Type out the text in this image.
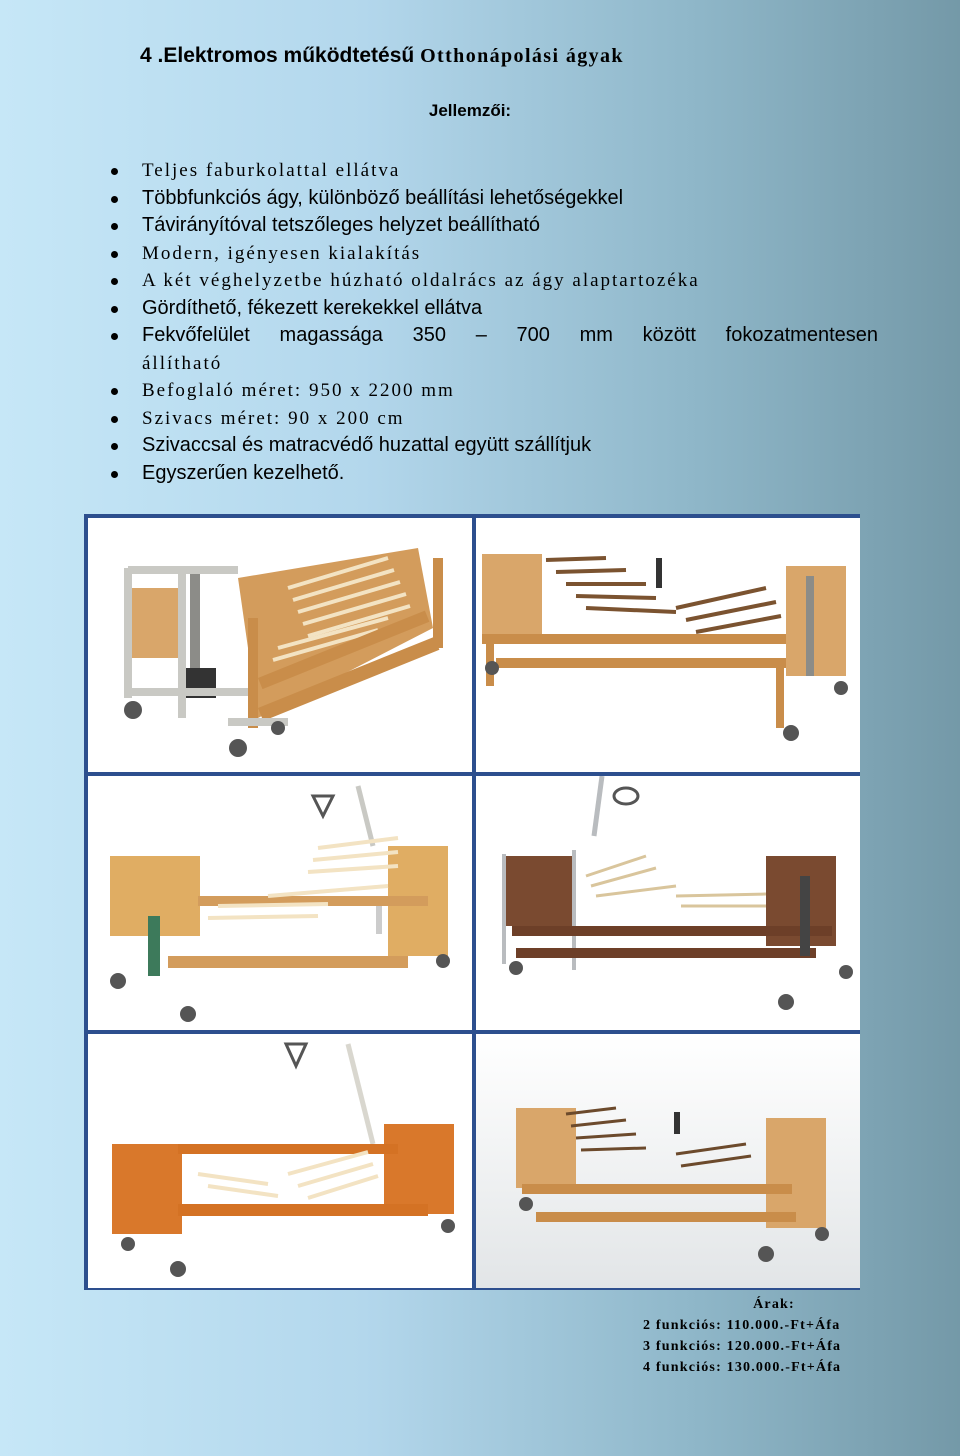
4 .Elektromos működtetésű Otthonápolási ágyak
Jellemzői:
Teljes faburkolattal ellátva
Többfunkciós ágy, különböző beállítási lehetőségekkel
Távirányítóval tetszőleges helyzet beállítható
Modern, igényesen kialakítás
A két véghelyzetbe húzható oldalrács az ágy alaptartozéka
Gördíthető, fékezett kerekekkel ellátva
Fekvőfelület magassága 350 – 700 mm között fokozatmentesen
állítható
Befoglaló méret: 950 x 2200 mm
Szivacs méret: 90 x 200 cm
Szivaccsal és matracvédő huzattal együtt szállítjuk
Egyszerűen kezelhető.
Árak:
2 funkciós: 110.000.-Ft+Áfa
3 funkciós: 120.000.-Ft+Áfa
4 funkciós: 130.000.-Ft+Áfa
